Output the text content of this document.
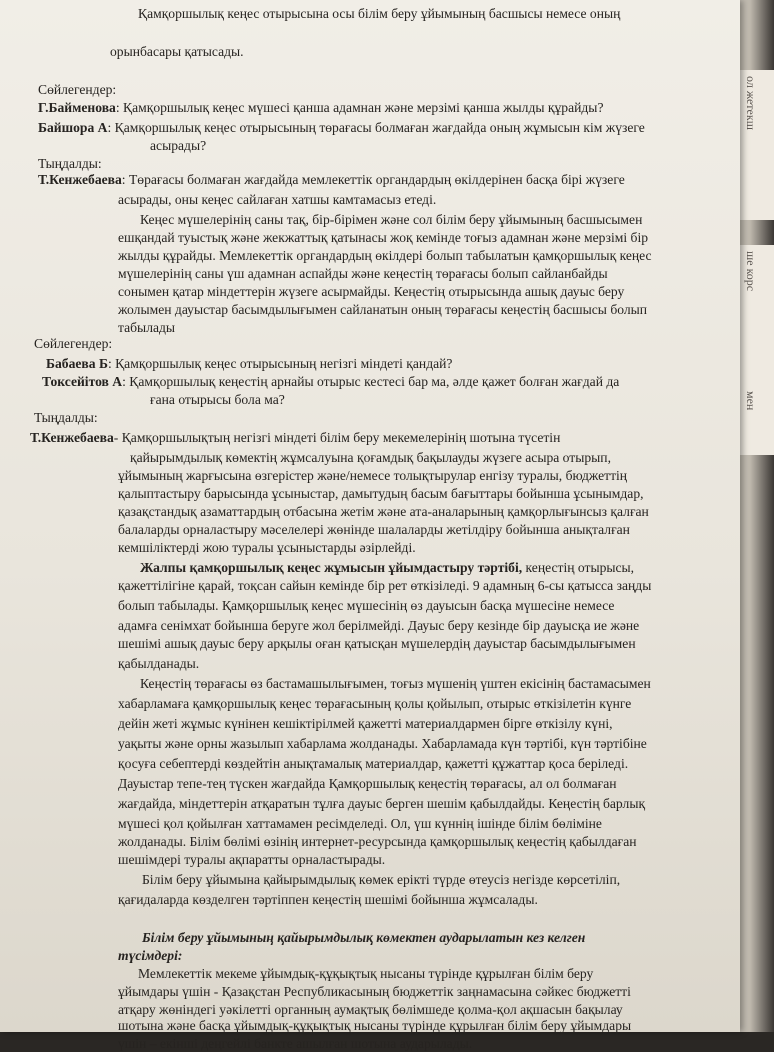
ол жетекш
ше корс
мен

Қамқоршылық кеңес отырысына осы білім беру ұйымының басшысы немесе оның

орынбасары қатысады.

Сөйлегендер:

Г.Байменова: Қамқоршылық кеңес мүшесі қанша адамнан және мерзімі қанша жылды құрайды?

Байшора А: Қамқоршылық кеңес отырысының төрағасы болмаған жағдайда оның жұмысын кім жүзеге

асырады?

Тыңдалды:

Т.Кенжебаева: Төрағасы болмаған жағдайда мемлекеттік органдардың өкілдерінен басқа бірі жүзеге

асырады, оны кеңес сайлаған хатшы камтамасыз етеді.

Кеңес мүшелерінің саны тақ, бір-бірімен және сол білім беру ұйымының басшысымен

ешқандай туыстық және жекжаттық қатынасы жоқ кемінде тоғыз адамнан және мерзімі бір

жылды құрайды. Мемлекеттік органдардың өкілдері болып табылатын қамқоршылық кеңес

мүшелерінің саны үш адамнан аспайды және кеңестің төрағасы болып сайланбайды

сонымен қатар міндеттерін жүзеге асырмайды. Кеңестің отырысында ашық дауыс беру

жолымен дауыстар басымдылығымен сайланатын оның төрағасы кеңестің басшысы болып

табылады

Сөйлегендер:

Бабаева Б: Қамқоршылық кеңес отырысының негізгі міндеті қандай?

Токсейітов А: Қамқоршылық кеңестің арнайы отырыс кестесі бар ма, әлде қажет болған жағдай да

ғана отырысы бола ма?

Тыңдалды:

Т.Кенжебаева- Қамқоршылықтың негізгі міндеті білім беру мекемелерінің шотына түсетін

қайырымдылық көмектің жұмсалуына қоғамдық бақылауды жүзеге асыра отырып,

ұйымының жарғысына өзгерістер және/немесе толықтырулар енгізу туралы, бюджеттің

қалыптастыру барысында ұсыныстар, дамытудың басым бағыттары бойынша ұсынымдар,

қазақстандық азаматтардың отбасына жетім және ата-аналарының қамқорлығынсыз қалған

балаларды орналастыру мәселелері жөнінде шалаларды жетілдіру бойынша анықталған

кемшіліктерді жою туралы ұсыныстарды әзірлейді.

Жалпы қамқоршылық кеңес жұмысын ұйымдастыру тәртібі, кеңестің отырысы,

қажеттілігіне қарай, тоқсан сайын кемінде бір рет өткізіледі. 9 адамның 6-сы қатысса заңды

болып табылады. Қамқоршылық кеңес мүшесінің өз дауысын басқа мүшесіне немесе

адамға сенімхат бойынша беруге жол берілмейді. Дауыс беру кезінде бір дауысқа ие және

шешімі ашық дауыс беру арқылы оған қатысқан мүшелердің дауыстар басымдылығымен

қабылданады.

Кеңестің төрағасы өз бастамашылығымен, тоғыз мүшенің үштен екісінің бастамасымен

хабарламаға қамқоршылық кеңес төрағасының қолы қойылып, отырыс өткізілетін күнге

дейін жеті жұмыс күнінен кешіктірілмей қажетті материалдармен бірге өткізілу күні,

уақыты және орны жазылып хабарлама жолданады. Хабарламада күн тәртібі, күн тәртібіне

қосуға себептерді көздейтін анықтамалық материалдар, қажетті құжаттар қоса беріледі.

Дауыстар тепе-тең түскен жағдайда Қамқоршылық кеңестің төрағасы, ал ол болмаған

жағдайда, міндеттерін атқаратын тұлға дауыс берген шешім қабылдайды. Кеңестің барлық

мүшесі қол қойылған хаттамамен ресімделеді. Ол, үш күннің ішінде білім бөліміне

жолданады. Білім бөлімі өзінің интернет-ресурсында қамқоршылық кеңестің қабылдаған

шешімдері туралы ақпаратты орналастырады.

Білім беру ұйымына қайырымдылық көмек ерікті түрде өтеусіз негізде көрсетіліп,

қағидаларда көзделген тәртіппен кеңестің шешімі бойынша жұмсалады.

Білім беру ұйымының қайырымдылық көмектен аударылатын кез келген

түсімдері:

Мемлекеттік мекеме ұйымдық-құқықтық нысаны түрінде құрылған білім беру

ұйымдары үшін - Қазақстан Республикасының бюджеттік заңнамасына сәйкес бюджетті

атқару жөніндегі уәкілетті органның аумақтық бөлімшеде қолма-қол ақшасын бақылау

шотына және басқа ұйымдық-құқықтық нысаны түрінде құрылған білім беру ұйымдары

үшін – екінші деңгейлі банкте ашылған шотына аударылады.
